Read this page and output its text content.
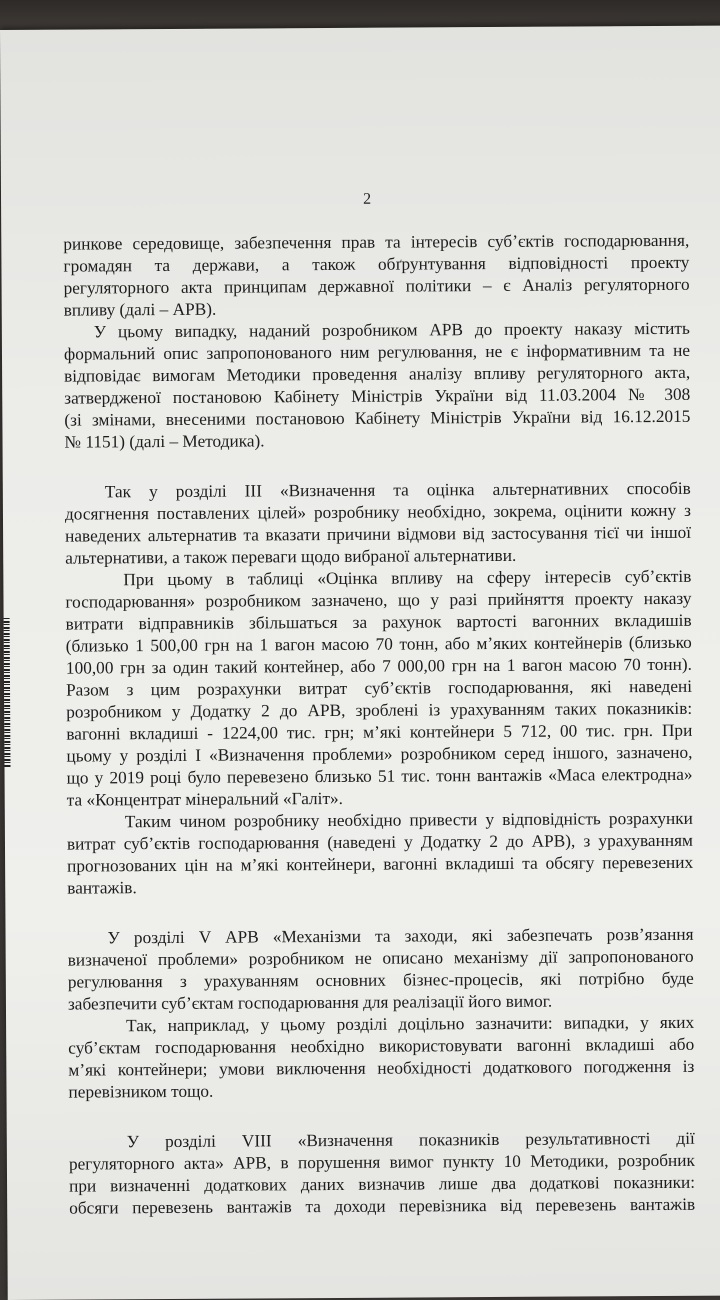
2
ринкове середовище, забезпечення прав та інтересів суб’єктів господарювання,
громадян та держави, а також обґрунтування відповідності проекту
регуляторного акта принципам державної політики – є Аналіз регуляторного
впливу (далі – АРВ).
У цьому випадку, наданий розробником АРВ до проекту наказу містить
формальний опис запропонованого ним регулювання, не є інформативним та не
відповідає вимогам Методики проведення аналізу впливу регуляторного акта,
затвердженої постановою Кабінету Міністрів України від 11.03.2004 № 308
(зі змінами, внесеними постановою Кабінету Міністрів України від 16.12.2015
№ 1151) (далі – Методика).
Так у розділі ІІІ «Визначення та оцінка альтернативних способів
досягнення поставлених цілей» розробнику необхідно, зокрема, оцінити кожну з
наведених альтернатив та вказати причини відмови від застосування тієї чи іншої
альтернативи, а також переваги щодо вибраної альтернативи.
При цьому в таблиці «Оцінка впливу на сферу інтересів суб’єктів
господарювання» розробником зазначено, що у разі прийняття проекту наказу
витрати відправників збільшаться за рахунок вартості вагонних вкладишів
(близько 1 500,00 грн на 1 вагон масою 70 тонн, або м’яких контейнерів (близько
100,00 грн за один такий контейнер, або 7 000,00 грн на 1 вагон масою 70 тонн).
Разом з цим розрахунки витрат суб’єктів господарювання, які наведені
розробником у Додатку 2 до АРВ, зроблені із урахуванням таких показників:
вагонні вкладиші - 1224,00 тис. грн; м’які контейнери 5 712, 00 тис. грн. При
цьому у розділі І «Визначення проблеми» розробником серед іншого, зазначено,
що у 2019 році було перевезено близько 51 тис. тонн вантажів «Маса електродна»
та «Концентрат мінеральний «Галіт».
Таким чином розробнику необхідно привести у відповідність розрахунки
витрат суб’єктів господарювання (наведені у Додатку 2 до АРВ), з урахуванням
прогнозованих цін на м’які контейнери, вагонні вкладиші та обсягу перевезених
вантажів.
У розділі V АРВ «Механізми та заходи, які забезпечать розв’язання
визначеної проблеми» розробником не описано механізму дії запропонованого
регулювання з урахуванням основних бізнес-процесів, які потрібно буде
забезпечити суб’єктам господарювання для реалізації його вимог.
Так, наприклад, у цьому розділі доцільно зазначити: випадки, у яких
суб’єктам господарювання необхідно використовувати вагонні вкладиші або
м’які контейнери; умови виключення необхідності додаткового погодження із
перевізником тощо.
У розділі VIII «Визначення показників результативності дії
регуляторного акта» АРВ, в порушення вимог пункту 10 Методики, розробник
при визначенні додаткових даних визначив лише два додаткові показники:
обсяги перевезень вантажів та доходи перевізника від перевезень вантажів
